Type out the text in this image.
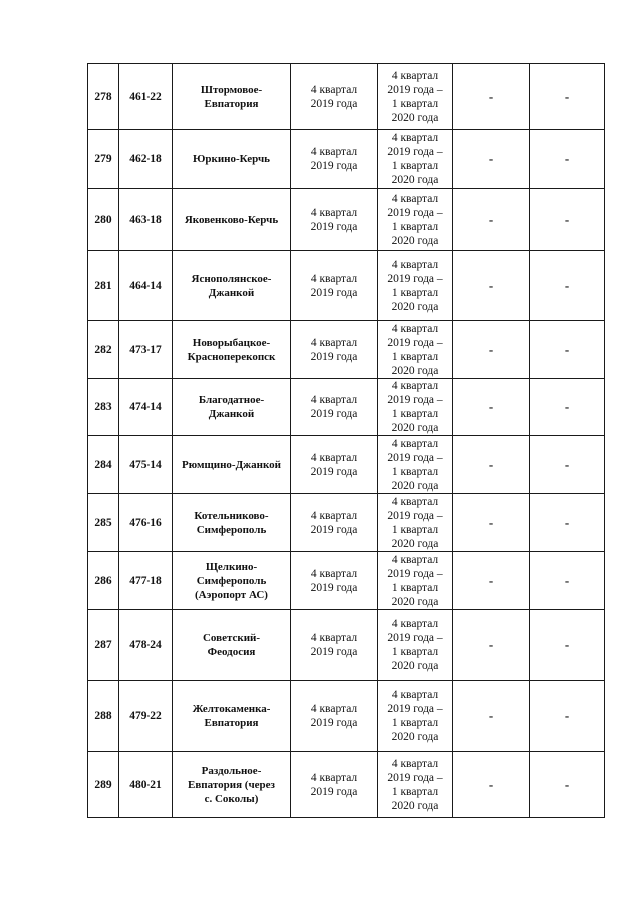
278	461-22	Штормовое-
Евпатория	4 квартал
2019 года	4 квартал
2019 года –
1 квартал
2020 года	-	-
279	462-18	Юркино-Керчь	4 квартал
2019 года	4 квартал
2019 года –
1 квартал
2020 года	-	-
280	463-18	Яковенково-Керчь	4 квартал
2019 года	4 квартал
2019 года –
1 квартал
2020 года	-	-
281	464-14	Яснополянское-
Джанкой	4 квартал
2019 года	4 квартал
2019 года –
1 квартал
2020 года	-	-
282	473-17	Новорыбацкое-
Красноперекопск	4 квартал
2019 года	4 квартал
2019 года –
1 квартал
2020 года	-	-
283	474-14	Благодатное-
Джанкой	4 квартал
2019 года	4 квартал
2019 года –
1 квартал
2020 года	-	-
284	475-14	Рюмщино-Джанкой	4 квартал
2019 года	4 квартал
2019 года –
1 квартал
2020 года	-	-
285	476-16	Котельниково-
Симферополь	4 квартал
2019 года	4 квартал
2019 года –
1 квартал
2020 года	-	-
286	477-18	Щелкино-
Симферополь
(Аэропорт АС)	4 квартал
2019 года	4 квартал
2019 года –
1 квартал
2020 года	-	-
287	478-24	Советский-
Феодосия	4 квартал
2019 года	4 квартал
2019 года –
1 квартал
2020 года	-	-
288	479-22	Желтокаменка-
Евпатория	4 квартал
2019 года	4 квартал
2019 года –
1 квартал
2020 года	-	-
289	480-21	Раздольное-
Евпатория (через
с. Соколы)	4 квартал
2019 года	4 квартал
2019 года –
1 квартал
2020 года	-	-
